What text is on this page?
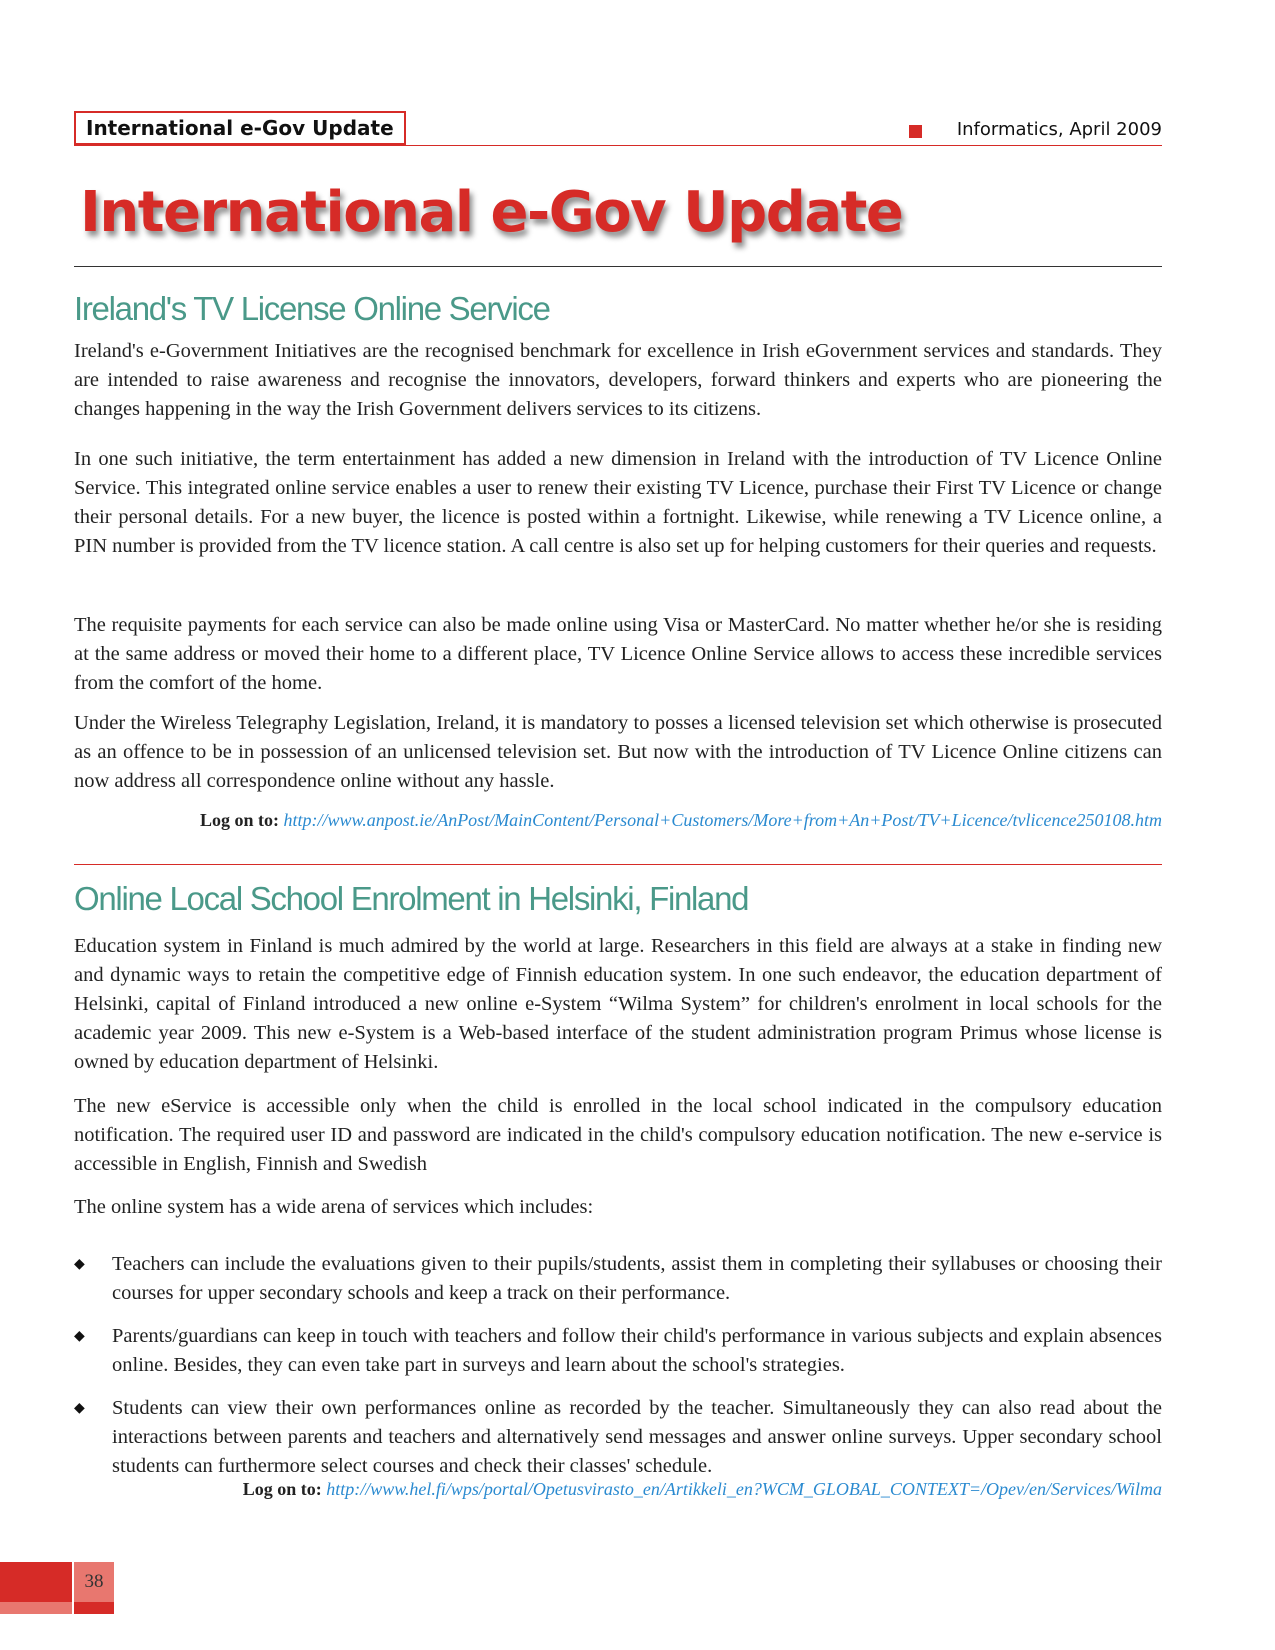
International e-Gov Update	Informatics, April 2009
International e-Gov Update
Ireland's TV License Online Service

Ireland's e-Government Initiatives are the recognised benchmark for excellence in Irish eGovernment services and standards. They are intended to raise awareness and recognise the innovators, developers, forward thinkers and experts who are pioneering the changes happening in the way the Irish Government delivers services to its citizens.

In one such initiative, the term entertainment has added a new dimension in Ireland with the introduction of TV Licence Online Service. This integrated online service enables a user to renew their existing TV Licence, purchase their First TV Licence or change their personal details. For a new buyer, the licence is posted within a fortnight. Likewise, while renewing a TV Licence online, a PIN number is provided from the TV licence station. A call centre is also set up for helping customers for their queries and requests.

The requisite payments for each service can also be made online using Visa or MasterCard. No matter whether he/or she is residing at the same address or moved their home to a different place, TV Licence Online Service allows to access these incredible services from the comfort of the home.

Under the Wireless Telegraphy Legislation, Ireland, it is mandatory to posses a licensed television set which otherwise is prosecuted as an offence to be in possession of an unlicensed television set. But now with the introduction of TV Licence Online citizens can now address all correspondence online without any hassle.

Log on to: http://www.anpost.ie/AnPost/MainContent/Personal+Customers/More+from+An+Post/TV+Licence/tvlicence250108.htm

Online Local School Enrolment in Helsinki, Finland

Education system in Finland is much admired by the world at large. Researchers in this field are always at a stake in finding new and dynamic ways to retain the competitive edge of Finnish education system. In one such endeavor, the education department of Helsinki, capital of Finland introduced a new online e-System “Wilma System” for children's enrolment in local schools for the academic year 2009. This new e-System is a Web-based interface of the student administration program Primus whose license is owned by education department of Helsinki.

The new eService is accessible only when the child is enrolled in the local school indicated in the compulsory education notification. The required user ID and password are indicated in the child's compulsory education notification. The new e-service is accessible in English, Finnish and Swedish

The online system has a wide arena of services which includes:

◆ Teachers can include the evaluations given to their pupils/students, assist them in completing their syllabuses or choosing their courses for upper secondary schools and keep a track on their performance.
◆ Parents/guardians can keep in touch with teachers and follow their child's performance in various subjects and explain absences online. Besides, they can even take part in surveys and learn about the school's strategies.
◆ Students can view their own performances online as recorded by the teacher. Simultaneously they can also read about the interactions between parents and teachers and alternatively send messages and answer online surveys. Upper secondary school students can furthermore select courses and check their classes' schedule.

Log on to: http://www.hel.fi/wps/portal/Opetusvirasto_en/Artikkeli_en?WCM_GLOBAL_CONTEXT=/Opev/en/Services/Wilma

38
